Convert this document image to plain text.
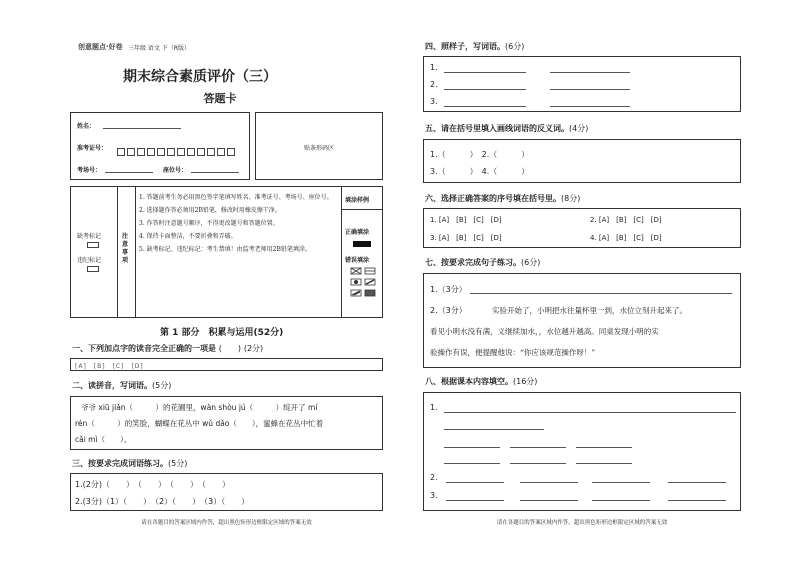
创意题点·好卷 三年级 语文 下（R版）
期末综合素质评价（三）
答题卡
姓名：
准考证号：
考场号：	座位号：
贴条形码区
缺考标记
违纪标记
注意事项
1. 答题前考生务必用黑色签字笔填写姓名、准考证号、考场号、座位号。
2. 选择题作答必须用2B铅笔，修改时用橡皮擦干净。
3. 作答时注意题号顺序，不得更改题号和答题位置。
4. 保持卡面整洁，不要折叠和弄破。
5. 缺考标记、违纪标记：考生禁填！由监考老师用2B铅笔填涂。
填涂样例
正确填涂
错误填涂
第 1 部分　积累与运用(52分)
一、下列加点字的读音完全正确的一项是 (　　) (2分)
[A]　[B]　[C]　[D]
二、读拼音，写词语。(5分)
爷爷 xiū jiǎn（　　　）的花圃里，wàn shòu jú（　　　）绽开了 mí
rén（　　　）的笑脸，蝴蝶在花丛中 wǔ dǎo（　　），蜜蜂在花丛中忙着
cǎi mì（　　）。
三、按要求完成词语练习。(5分)
1.(2分)（　　）　（　　）　（　　）　（　　）
2.(3分)（1）（　　）　（2）（　　）　（3）（　　）
请在各题目的答案区域内作答，超出黑色矩形边框限定区域的答案无效
四、照样子，写词语。(6分)
1.
2.
3.
五、请在括号里填入画线词语的反义词。(4分)
1.（　　　）　2.（　　　）
3.（　　　）　4.（　　　）
六、选择正确答案的序号填在括号里。(8分)
1. [A]　[B]　[C]　[D]	2. [A]　[B]　[C]　[D]
3. [A]　[B]　[C]　[D]	4. [A]　[B]　[C]　[D]
七、按要求完成句子练习。(6分)
1.（3分）
2.（3分）	实验开始了，小明把水往量杯里一到，水位立刻升起来了。
看见小明水没有满，义继续加水，，水位越升越高。同桌发现小明的实
验操作有误，便提醒他说：“你应该规范操作呀！”
八、根据课本内容填空。(16分)
1.
2.
3.
请在各题目的答案区域内作答，超出黑色矩形边框限定区域的答案无效
